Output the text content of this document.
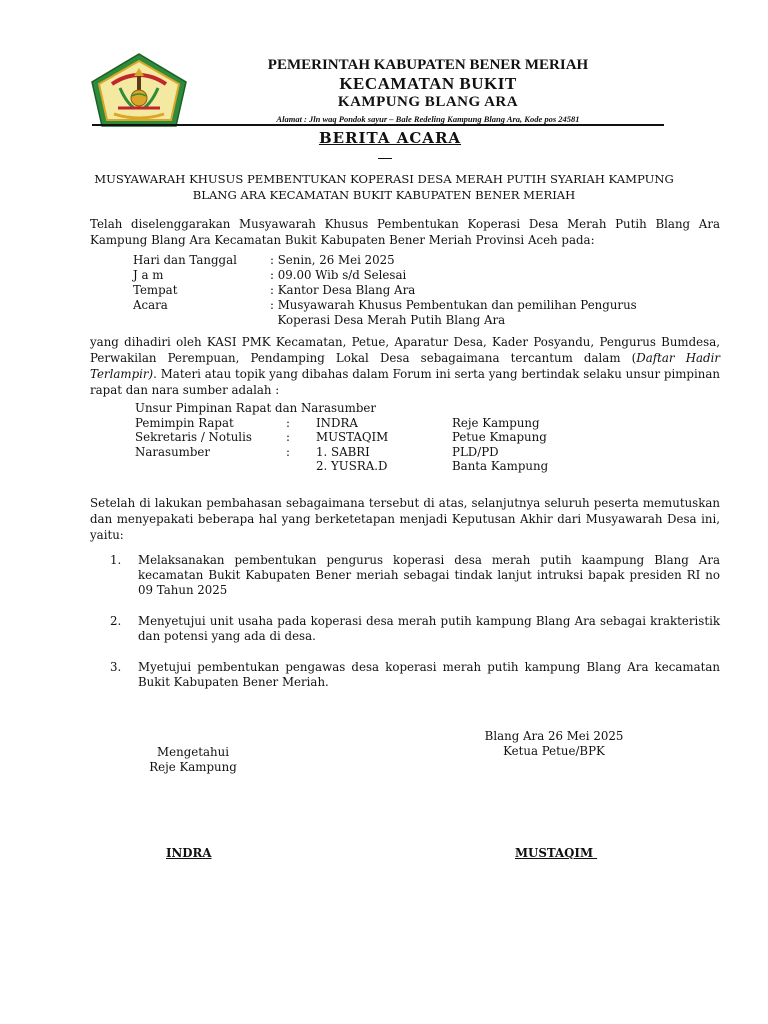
PEMERINTAH KABUPATEN BENER MERIAH
KECAMATAN BUKIT
KAMPUNG BLANG ARA
Alamat : Jln waq Pondok sayur – Bale Redeling Kampung Blang Ara, Kode pos 24581
BERITA ACARA
MUSYAWARAH KHUSUS PEMBENTUKAN KOPERASI DESA MERAH PUTIH SYARIAH KAMPUNG BLANG ARA KECAMATAN BUKIT KABUPATEN BENER MERIAH
Telah diselenggarakan Musyawarah Khusus Pembentukan Koperasi Desa Merah Putih Blang Ara Kampung Blang Ara Kecamatan Bukit Kabupaten Bener Meriah Provinsi Aceh pada:
Hari dan Tanggal	: Senin, 26 Mei 2025
J a m	: 09.00 Wib s/d Selesai
Tempat	: Kantor Desa Blang Ara
Acara	: Musyawarah Khusus Pembentukan dan pemilihan Pengurus
Koperasi Desa Merah Putih Blang Ara
yang dihadiri oleh KASI PMK Kecamatan, Petue, Aparatur Desa, Kader Posyandu, Pengurus Bumdesa, Perwakilan Perempuan, Pendamping Lokal Desa sebagaimana tercantum dalam (Daftar Hadir Terlampir). Materi atau topik yang dibahas dalam Forum ini serta yang bertindak selaku unsur pimpinan rapat dan nara sumber adalah :
Unsur Pimpinan Rapat dan Narasumber
Pemimpin Rapat	: INDRA	Reje Kampung
Sekretaris / Notulis	: MUSTAQIM	Petue Kmapung
Narasumber	: 1. SABRI	PLD/PD
2. YUSRA.D	Banta Kampung
Setelah di lakukan pembahasan sebagaimana tersebut di atas, selanjutnya seluruh peserta memutuskan dan menyepakati beberapa hal yang berketetapan menjadi Keputusan Akhir dari Musyawarah Desa ini, yaitu:
1. Melaksanakan pembentukan pengurus koperasi desa merah putih kaampung Blang Ara kecamatan Bukit Kabupaten Bener meriah sebagai tindak lanjut intruksi bapak presiden RI no 09 Tahun 2025
2. Menyetujui unit usaha pada koperasi desa merah putih kampung Blang Ara sebagai krakteristik dan potensi yang ada di desa.
3. Myetujui pembentukan pengawas desa koperasi merah putih kampung Blang Ara kecamatan Bukit Kabupaten Bener Meriah.
Blang Ara 26 Mei 2025
Ketua Petue/BPK
Mengetahui
Reje Kampung
INDRA	MUSTAQIM
